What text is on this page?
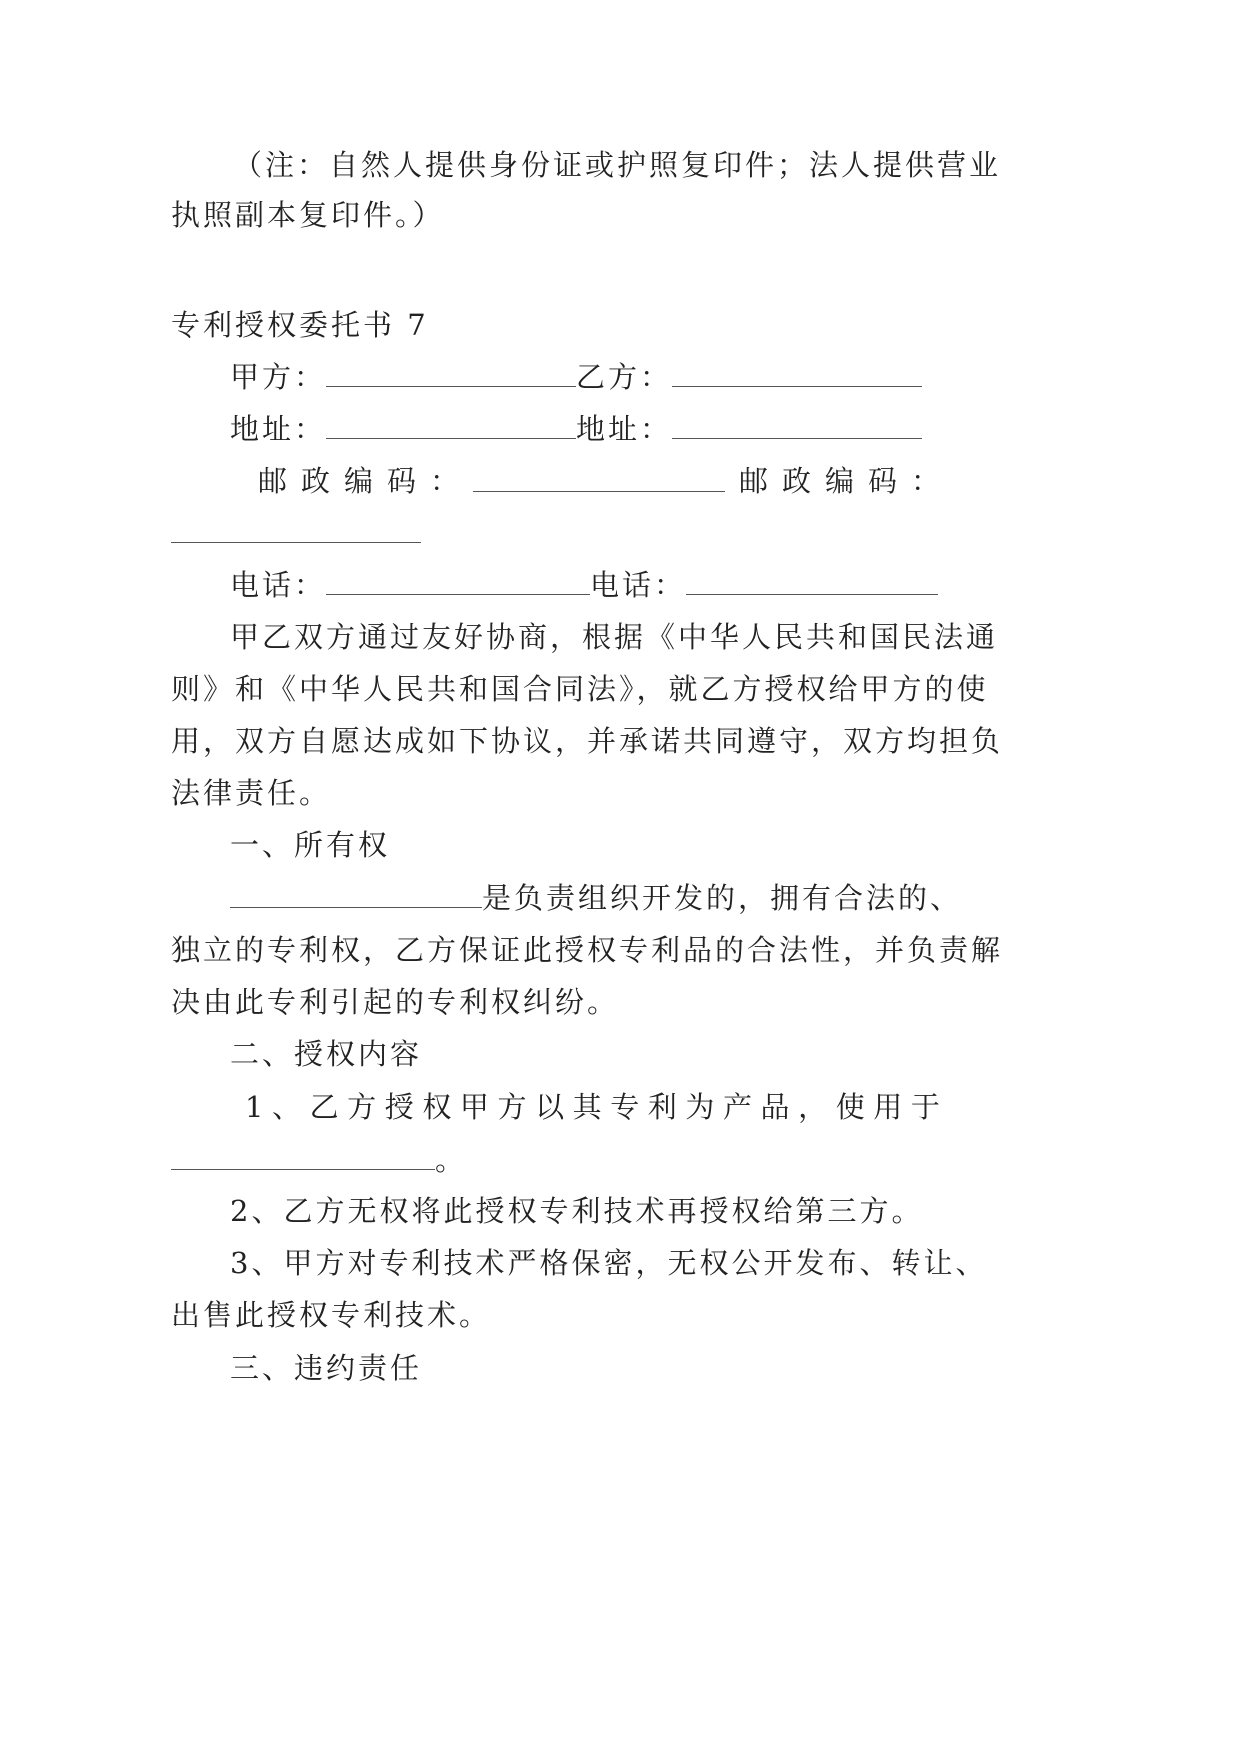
（注：自然人提供身份证或护照复印件；法人提供营业
执照副本复印件。）
专利授权委托书 7
甲方：	乙方：
地址：	地址：
邮 政 编 码 ：	邮 政 编 码 ：
电话：	电话：
甲乙双方通过友好协商，根据《中华人民共和国民法通
则》和《中华人民共和国合同法》，就乙方授权给甲方的使
用，双方自愿达成如下协议，并承诺共同遵守，双方均担负
法律责任。
一、所有权
是负责组织开发的，拥有合法的、
独立的专利权，乙方保证此授权专利品的合法性，并负责解
决由此专利引起的专利权纠纷。
二、授权内容
1 、 乙 方 授 权 甲 方 以 其 专 利 为 产 品 ， 使 用 于
。
2、乙方无权将此授权专利技术再授权给第三方。
3、甲方对专利技术严格保密，无权公开发布、转让、
出售此授权专利技术。
三、违约责任
